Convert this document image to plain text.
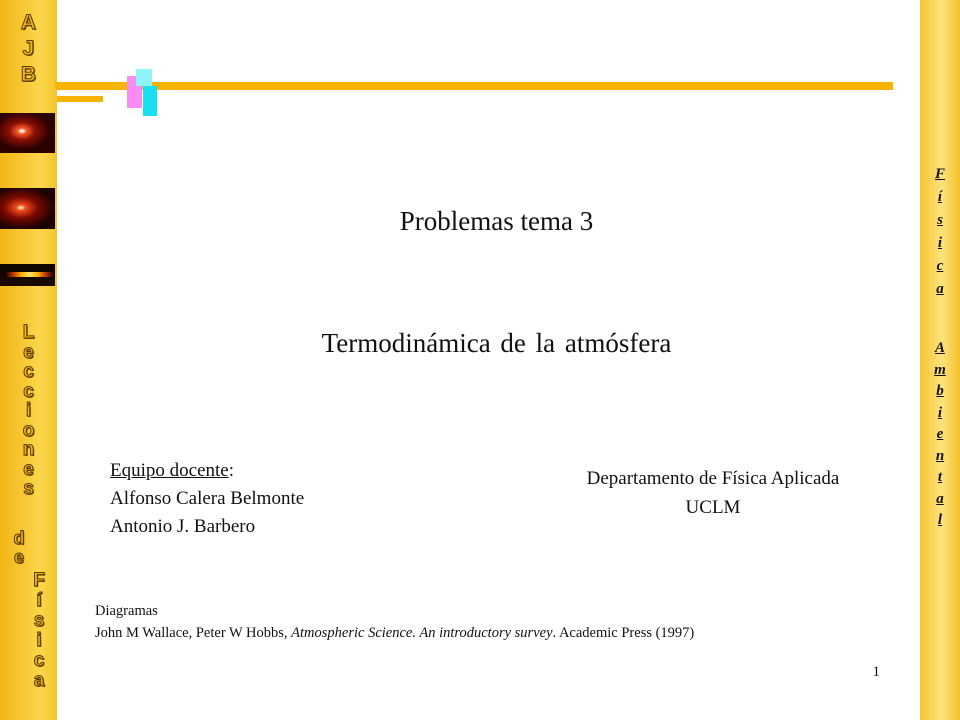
A
J
B
L
e
c
c
i
o
n
e
s
d
e
F
í
s
i
c
a
F
í
s
i
c
a
A
m
b
i
e
n
t
a
l
Problemas tema 3
Termodinámica de la atmósfera
Equipo docente:
Alfonso Calera Belmonte
Antonio J. Barbero
Departamento de Física Aplicada
UCLM
Diagramas
John M Wallace, Peter W Hobbs, Atmospheric Science. An introductory survey. Academic Press (1997)
1
